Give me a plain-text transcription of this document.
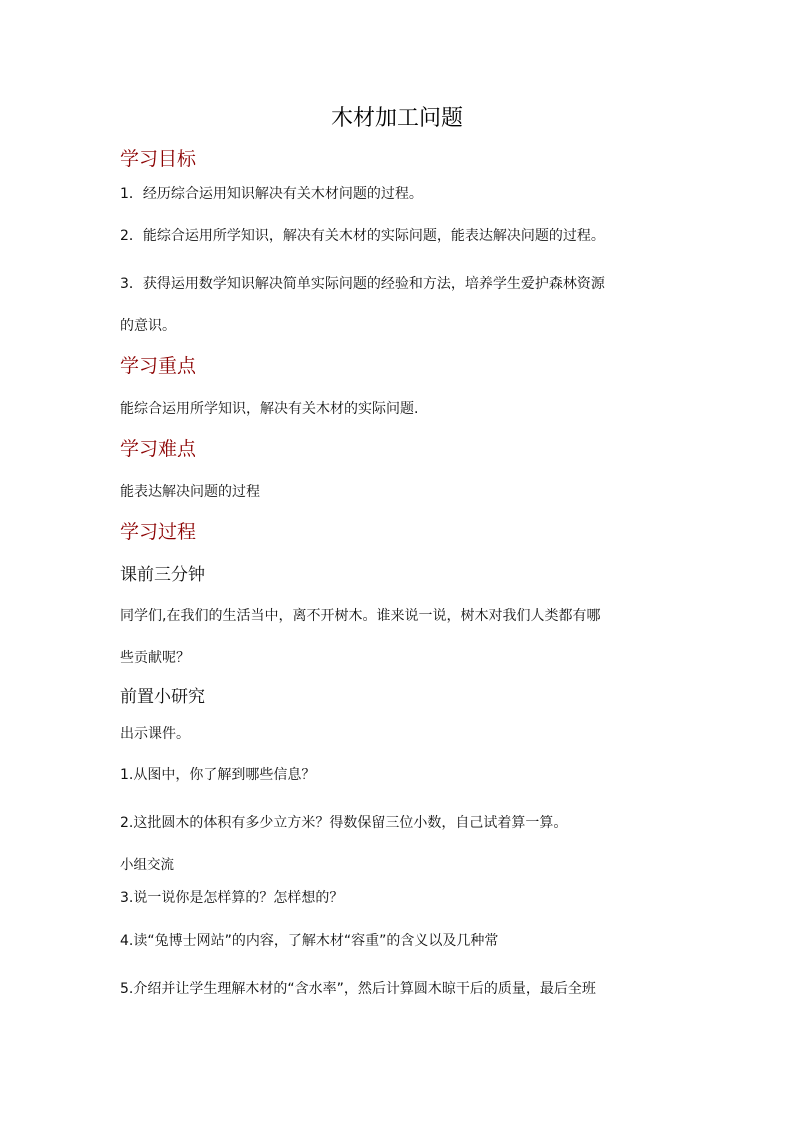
木材加工问题
学习目标
1．经历综合运用知识解决有关木材问题的过程。
2．能综合运用所学知识，解决有关木材的实际问题，能表达解决问题的过程。
3．获得运用数学知识解决简单实际问题的经验和方法，培养学生爱护森林资源
的意识。
学习重点
能综合运用所学知识，解决有关木材的实际问题.
学习难点
能表达解决问题的过程
学习过程
课前三分钟
同学们,在我们的生活当中，离不开树木。谁来说一说，树木对我们人类都有哪
些贡献呢？
前置小研究
出示课件。
1.从图中，你了解到哪些信息？
2.这批圆木的体积有多少立方米？得数保留三位小数，自己试着算一算。
小组交流
3.说一说你是怎样算的？怎样想的？
4.读“兔博士网站”的内容，了解木材“容重”的含义以及几种常
5.介绍并让学生理解木材的“含水率”，然后计算圆木晾干后的质量，最后全班
